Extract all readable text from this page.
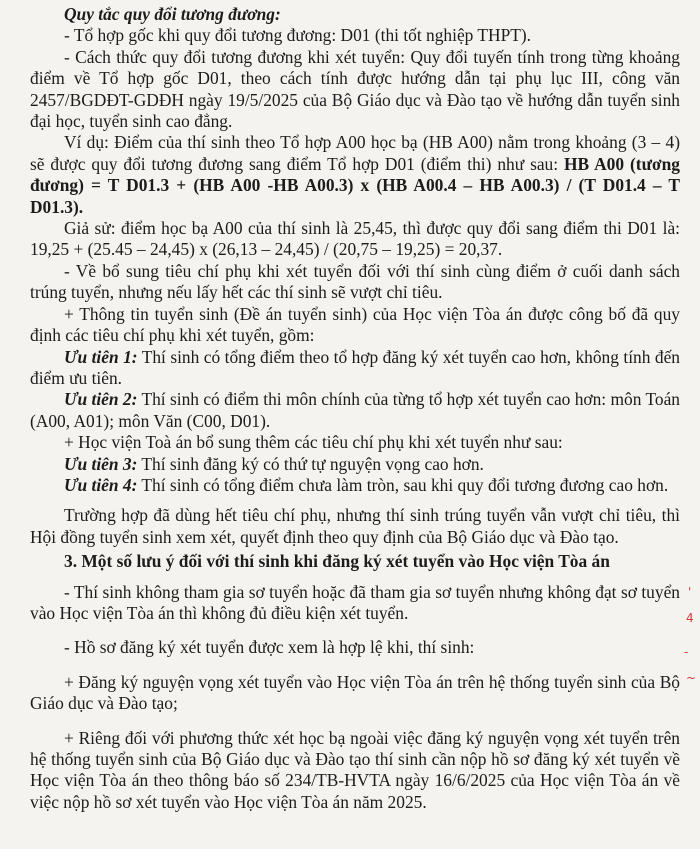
Quy tắc quy đổi tương đương:

- Tổ hợp gốc khi quy đổi tương đương: D01 (thi tốt nghiệp THPT).

- Cách thức quy đổi tương đương khi xét tuyển: Quy đổi tuyến tính trong từng khoảng điểm về Tổ hợp gốc D01, theo cách tính được hướng dẫn tại phụ lục III, công văn 2457/BGDĐT-GDĐH ngày 19/5/2025 của Bộ Giáo dục và Đào tạo về hướng dẫn tuyển sinh đại học, tuyển sinh cao đẳng.

Ví dụ: Điểm của thí sinh theo Tổ hợp A00 học bạ (HB A00) nằm trong khoảng (3 – 4) sẽ được quy đổi tương đương sang điểm Tổ hợp D01 (điểm thi) như sau: HB A00 (tương đương) = T D01.3 + (HB A00 -HB A00.3) x (HB A00.4 – HB A00.3) / (T D01.4 – T D01.3).

Giả sử: điểm học bạ A00 của thí sinh là 25,45, thì được quy đổi sang điểm thi D01 là: 19,25 + (25.45 – 24,45) x (26,13 – 24,45) / (20,75 – 19,25) = 20,37.

- Về bổ sung tiêu chí phụ khi xét tuyển đối với thí sinh cùng điểm ở cuối danh sách trúng tuyển, nhưng nếu lấy hết các thí sinh sẽ vượt chỉ tiêu.

+ Thông tin tuyển sinh (Đề án tuyển sinh) của Học viện Tòa án được công bố đã quy định các tiêu chí phụ khi xét tuyển, gồm:

Ưu tiên 1: Thí sinh có tổng điểm theo tổ hợp đăng ký xét tuyển cao hơn, không tính đến điểm ưu tiên.

Ưu tiên 2: Thí sinh có điểm thi môn chính của từng tổ hợp xét tuyển cao hơn: môn Toán (A00, A01); môn Văn (C00, D01).

+ Học viện Toà án bổ sung thêm các tiêu chí phụ khi xét tuyển như sau:

Ưu tiên 3: Thí sinh đăng ký có thứ tự nguyện vọng cao hơn.

Ưu tiên 4: Thí sinh có tổng điểm chưa làm tròn, sau khi quy đổi tương đương cao hơn.

Trường hợp đã dùng hết tiêu chí phụ, nhưng thí sinh trúng tuyển vẫn vượt chỉ tiêu, thì Hội đồng tuyển sinh xem xét, quyết định theo quy định của Bộ Giáo dục và Đào tạo.

3. Một số lưu ý đối với thí sinh khi đăng ký xét tuyển vào Học viện Tòa án

- Thí sinh không tham gia sơ tuyển hoặc đã tham gia sơ tuyển nhưng không đạt sơ tuyển vào Học viện Tòa án thì không đủ điều kiện xét tuyển.

- Hồ sơ đăng ký xét tuyển được xem là hợp lệ khi, thí sinh:

+ Đăng ký nguyện vọng xét tuyển vào Học viện Tòa án trên hệ thống tuyển sinh của Bộ Giáo dục và Đào tạo;

+ Riêng đối với phương thức xét học bạ ngoài việc đăng ký nguyện vọng xét tuyển trên hệ thống tuyển sinh của Bộ Giáo dục và Đào tạo thí sinh cần nộp hồ sơ đăng ký xét tuyển về Học viện Tòa án theo thông báo số 234/TB-HVTA ngày 16/6/2025 của Học viện Tòa án về việc nộp hồ sơ xét tuyển vào Học viện Tòa án năm 2025.

'
4
-
~
